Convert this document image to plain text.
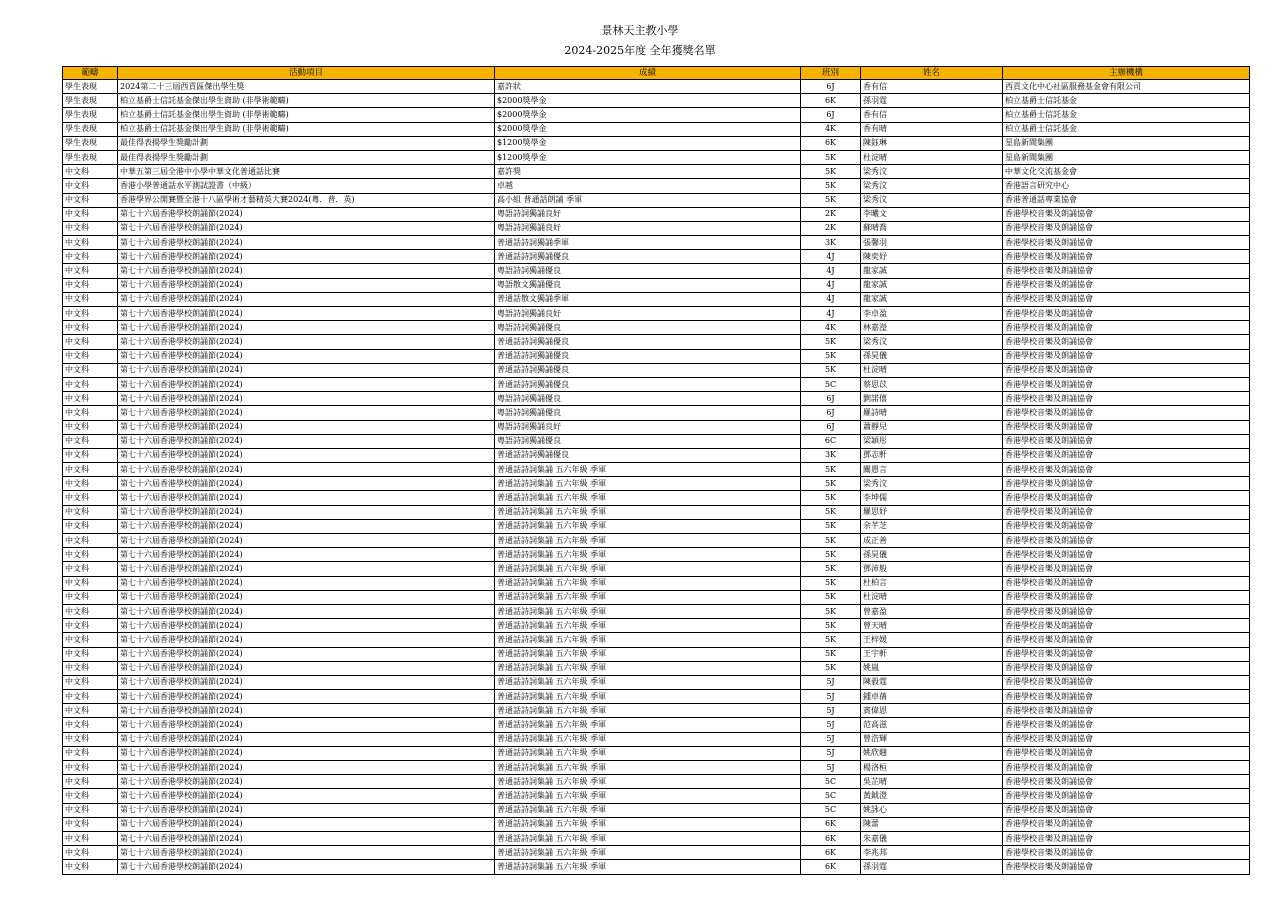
景林天主教小學
2024-2025年度 全年獲獎名單
範疇	活動項目	成績	班別	姓名	主辦機構
學生表現	2024第二十三屆西貢區傑出學生獎	嘉許狀	6J	香有信	西貢文化中心社區服務基金會有限公司
學生表現	柏立基爵士信託基金傑出學生資助 (非學術範疇)	$2000獎學金	6K	孫羽霆	柏立基爵士信託基金
學生表現	柏立基爵士信託基金傑出學生資助 (非學術範疇)	$2000獎學金	6J	香有信	柏立基爵士信託基金
學生表現	柏立基爵士信託基金傑出學生資助 (非學術範疇)	$2000獎學金	4K	香有晴	柏立基爵士信託基金
學生表現	最佳得表揚學生獎勵計劃	$1200獎學金	6K	陳鈺琳	星島新聞集團
學生表現	最佳得表揚學生獎勵計劃	$1200獎學金	5K	杜淀晴	星島新聞集團
中文科	中華五第三屆全港中小學中華文化普通話比賽	嘉許獎	5K	梁秀汶	中華文化交流基金會
中文科	香港小學普通話水平測試證書（中級）	卓越	5K	梁秀汶	香港語言研究中心
中文科	香港學界公開賽暨全港十八區學術才藝精英大賽2024(粵．普．英)	高小組 普通話朗誦 季軍	5K	梁秀汶	香港普通話專業協會
中文科	第七十六屆香港學校朗誦節(2024)	粵語詩詞獨誦良好	2K	李曦文	香港學校音樂及朗誦協會
中文科	第七十六屆香港學校朗誦節(2024)	粵語詩詞獨誦良好	2K	蘇晴喬	香港學校音樂及朗誦協會
中文科	第七十六屆香港學校朗誦節(2024)	普通話詩詞獨誦季軍	3K	張馨羽	香港學校音樂及朗誦協會
中文科	第七十六屆香港學校朗誦節(2024)	普通話詩詞獨誦優良	4J	陳奕妤	香港學校音樂及朗誦協會
中文科	第七十六屆香港學校朗誦節(2024)	粵語詩詞獨誦優良	4J	龍家誠	香港學校音樂及朗誦協會
中文科	第七十六屆香港學校朗誦節(2024)	粵語散文獨誦優良	4J	龍家誠	香港學校音樂及朗誦協會
中文科	第七十六屆香港學校朗誦節(2024)	普通話散文獨誦季軍	4J	龍家誠	香港學校音樂及朗誦協會
中文科	第七十六屆香港學校朗誦節(2024)	粵語詩詞獨誦良好	4J	李卓盈	香港學校音樂及朗誦協會
中文科	第七十六屆香港學校朗誦節(2024)	粵語詩詞獨誦優良	4K	林嘉瀅	香港學校音樂及朗誦協會
中文科	第七十六屆香港學校朗誦節(2024)	普通話詩詞獨誦優良	5K	梁秀汶	香港學校音樂及朗誦協會
中文科	第七十六屆香港學校朗誦節(2024)	普通話詩詞獨誦優良	5K	孫昊儀	香港學校音樂及朗誦協會
中文科	第七十六屆香港學校朗誦節(2024)	普通話詩詞獨誦優良	5K	杜淀晴	香港學校音樂及朗誦協會
中文科	第七十六屆香港學校朗誦節(2024)	普通話詩詞獨誦優良	5C	蔡思苡	香港學校音樂及朗誦協會
中文科	第七十六屆香港學校朗誦節(2024)	粵語詩詞獨誦優良	6J	劉諾僖	香港學校音樂及朗誦協會
中文科	第七十六屆香港學校朗誦節(2024)	粵語詩詞獨誦優良	6J	羅詩晴	香港學校音樂及朗誦協會
中文科	第七十六屆香港學校朗誦節(2024)	粵語詩詞獨誦良好	6J	蕭靜兒	香港學校音樂及朗誦協會
中文科	第七十六屆香港學校朗誦節(2024)	粵語詩詞獨誦優良	6C	梁穎彤	香港學校音樂及朗誦協會
中文科	第七十六屆香港學校朗誦節(2024)	普通話詩詞獨誦優良	3K	鄧志軒	香港學校音樂及朗誦協會
中文科	第七十六屆香港學校朗誦節(2024)	普通話詩詞集誦 五六年級 季軍	5K	關愚言	香港學校音樂及朗誦協會
中文科	第七十六屆香港學校朗誦節(2024)	普通話詩詞集誦 五六年級 季軍	5K	梁秀汶	香港學校音樂及朗誦協會
中文科	第七十六屆香港學校朗誦節(2024)	普通話詩詞集誦 五六年級 季軍	5K	李坤儒	香港學校音樂及朗誦協會
中文科	第七十六屆香港學校朗誦節(2024)	普通話詩詞集誦 五六年級 季軍	5K	羅思妤	香港學校音樂及朗誦協會
中文科	第七十六屆香港學校朗誦節(2024)	普通話詩詞集誦 五六年級 季軍	5K	余芊芝	香港學校音樂及朗誦協會
中文科	第七十六屆香港學校朗誦節(2024)	普通話詩詞集誦 五六年級 季軍	5K	成正善	香港學校音樂及朗誦協會
中文科	第七十六屆香港學校朗誦節(2024)	普通話詩詞集誦 五六年級 季軍	5K	孫昊儀	香港學校音樂及朗誦協會
中文科	第七十六屆香港學校朗誦節(2024)	普通話詩詞集誦 五六年級 季軍	5K	鄧沛般	香港學校音樂及朗誦協會
中文科	第七十六屆香港學校朗誦節(2024)	普通話詩詞集誦 五六年級 季軍	5K	杜柏言	香港學校音樂及朗誦協會
中文科	第七十六屆香港學校朗誦節(2024)	普通話詩詞集誦 五六年級 季軍	5K	杜淀晴	香港學校音樂及朗誦協會
中文科	第七十六屆香港學校朗誦節(2024)	普通話詩詞集誦 五六年級 季軍	5K	曾嘉盈	香港學校音樂及朗誦協會
中文科	第七十六屆香港學校朗誦節(2024)	普通話詩詞集誦 五六年級 季軍	5K	曾天晴	香港學校音樂及朗誦協會
中文科	第七十六屆香港學校朗誦節(2024)	普通話詩詞集誦 五六年級 季軍	5K	王梓媛	香港學校音樂及朗誦協會
中文科	第七十六屆香港學校朗誦節(2024)	普通話詩詞集誦 五六年級 季軍	5K	王宇軒	香港學校音樂及朗誦協會
中文科	第七十六屆香港學校朗誦節(2024)	普通話詩詞集誦 五六年級 季軍	5K	姚嵐	香港學校音樂及朗誦協會
中文科	第七十六屆香港學校朗誦節(2024)	普通話詩詞集誦 五六年級 季軍	5J	陳毅霆	香港學校音樂及朗誦協會
中文科	第七十六屆香港學校朗誦節(2024)	普通話詩詞集誦 五六年級 季軍	5J	鍾卓蒨	香港學校音樂及朗誦協會
中文科	第七十六屆香港學校朗誦節(2024)	普通話詩詞集誦 五六年級 季軍	5J	賓偉恩	香港學校音樂及朗誦協會
中文科	第七十六屆香港學校朗誦節(2024)	普通話詩詞集誦 五六年級 季軍	5J	范高滋	香港學校音樂及朗誦協會
中文科	第七十六屆香港學校朗誦節(2024)	普通話詩詞集誦 五六年級 季軍	5J	曾浩輝	香港學校音樂及朗誦協會
中文科	第七十六屆香港學校朗誦節(2024)	普通話詩詞集誦 五六年級 季軍	5J	姚欣翹	香港學校音樂及朗誦協會
中文科	第七十六屆香港學校朗誦節(2024)	普通話詩詞集誦 五六年級 季軍	5J	楊洛桓	香港學校音樂及朗誦協會
中文科	第七十六屆香港學校朗誦節(2024)	普通話詩詞集誦 五六年級 季軍	5C	吳芷晴	香港學校音樂及朗誦協會
中文科	第七十六屆香港學校朗誦節(2024)	普通話詩詞集誦 五六年級 季軍	5C	黃鉞澄	香港學校音樂及朗誦協會
中文科	第七十六屆香港學校朗誦節(2024)	普通話詩詞集誦 五六年級 季軍	5C	姚詠心	香港學校音樂及朗誦協會
中文科	第七十六屆香港學校朗誦節(2024)	普通話詩詞集誦 五六年級 季軍	6K	陳蕾	香港學校音樂及朗誦協會
中文科	第七十六屆香港學校朗誦節(2024)	普通話詩詞集誦 五六年級 季軍	6K	朱嘉儀	香港學校音樂及朗誦協會
中文科	第七十六屆香港學校朗誦節(2024)	普通話詩詞集誦 五六年級 季軍	6K	李兆邦	香港學校音樂及朗誦協會
中文科	第七十六屆香港學校朗誦節(2024)	普通話詩詞集誦 五六年級 季軍	6K	孫羽霆	香港學校音樂及朗誦協會
